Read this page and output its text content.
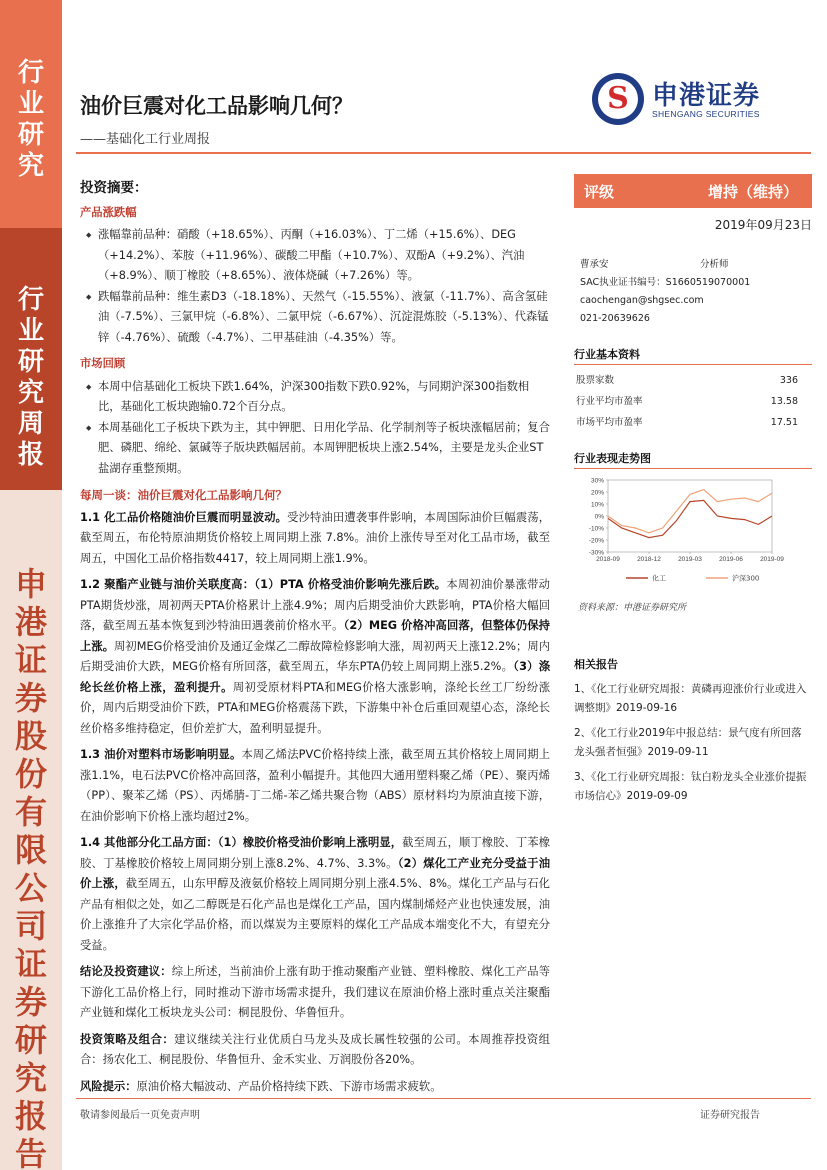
行
业
研
究
行
业
研
究
周
报
申
港
证
券
股
份
有
限
公
司
证
券
研
究
报
告
油价巨震对化工品影响几何？
——基础化工行业周报
S 申港证券
SHENGANG SECURITIES
投资摘要：
产品涨跌幅
◆ 涨幅靠前品种：硝酸（+18.65%）、丙酮（+16.03%）、丁二烯（+15.6%）、DEG（+14.2%）、苯胺（+11.96%）、碳酸二甲酯（+10.7%）、双酚A（+9.2%）、汽油（+8.9%）、顺丁橡胶（+8.65%）、液体烧碱（+7.26%）等。
◆ 跌幅靠前品种：维生素D3（-18.18%）、天然气（-15.55%）、液氯（-11.7%）、高含氢硅油（-7.5%）、三氯甲烷（-6.8%）、二氯甲烷（-6.67%）、沉淀混炼胶（-5.13%）、代森锰锌（-4.76%）、硫酸（-4.7%）、二甲基硅油（-4.35%）等。
市场回顾
◆ 本周中信基础化工板块下跌1.64%，沪深300指数下跌0.92%，与同期沪深300指数相比，基础化工板块跑输0.72个百分点。
◆ 本周基础化工子板块下跌为主，其中钾肥、日用化学品、化学制剂等子板块涨幅居前；复合肥、磷肥、绵纶、氯碱等子版块跌幅居前。本周钾肥板块上涨2.54%，主要是龙头企业ST盐湖存重整预期。
每周一谈：油价巨震对化工品影响几何？
1.1 化工品价格随油价巨震而明显波动。受沙特油田遭袭事件影响，本周国际油价巨幅震荡，截至周五，布伦特原油期货价格较上周同期上涨 7.8%。油价上涨传导至对化工品市场，截至周五，中国化工品价格指数4417，较上周同期上涨1.9%。
1.2 聚酯产业链与油价关联度高：（1）PTA 价格受油价影响先涨后跌。本周初油价暴涨带动PTA期货炒涨，周初两天PTA价格累计上涨4.9%；周内后期受油价大跌影响，PTA价格大幅回落，截至周五基本恢复到沙特油田遇袭前价格水平。（2）MEG 价格冲高回落，但整体仍保持上涨。周初MEG价格受油价及通辽金煤乙二醇故障检修影响大涨，周初两天上涨12.2%；周内后期受油价大跌，MEG价格有所回落，截至周五，华东PTA仍较上周同期上涨5.2%。（3）涤纶长丝价格上涨，盈利提升。周初受原材料PTA和MEG价格大涨影响，涤纶长丝工厂纷纷涨价，周内后期受油价下跌，PTA和MEG价格震荡下跌，下游集中补仓后重回观望心态，涤纶长丝价格多维持稳定，但价差扩大，盈利明显提升。
1.3 油价对塑料市场影响明显。本周乙烯法PVC价格持续上涨，截至周五其价格较上周同期上涨1.1%，电石法PVC价格冲高回落，盈利小幅提升。其他四大通用塑料聚乙烯（PE）、聚丙烯（PP）、聚苯乙烯（PS）、丙烯腈-丁二烯-苯乙烯共聚合物（ABS）原材料均为原油直接下游，在油价影响下价格上涨均超过2%。
1.4 其他部分化工品方面：（1）橡胶价格受油价影响上涨明显，截至周五，顺丁橡胶、丁苯橡胶、丁基橡胶价格较上周同期分别上涨8.2%、4.7%、3.3%。（2）煤化工产业充分受益于油价上涨，截至周五，山东甲醇及液氨价格较上周同期分别上涨4.5%、8%。煤化工产品与石化产品有相似之处，如乙二醇既是石化产品也是煤化工产品，国内煤制烯烃产业也快速发展，油价上涨推升了大宗化学品价格，而以煤炭为主要原料的煤化工产品成本端变化不大，有望充分受益。
结论及投资建议：综上所述，当前油价上涨有助于推动聚酯产业链、塑料橡胶、煤化工产品等下游化工品价格上行，同时推动下游市场需求提升，我们建议在原油价格上涨时重点关注聚酯产业链和煤化工板块龙头公司：桐昆股份、华鲁恒升。
投资策略及组合：建议继续关注行业优质白马龙头及成长属性较强的公司。本周推荐投资组合：扬农化工、桐昆股份、华鲁恒升、金禾实业、万润股份各20%。
风险提示：原油价格大幅波动、产品价格持续下跌、下游市场需求疲软。
评级	增持（维持）
2019年09月23日
曹承安	分析师
SAC执业证书编号：S1660519070001
caochengan@shgsec.com
021-20639626
行业基本资料
股票家数	336
行业平均市盈率	13.58
市场平均市盈率	17.51
行业表现走势图
30%
20%
10%
0%
-10%
-20%
-30%
2018-09	2018-12	2019-03	2019-06	2019-09
化工	沪深300
资料来源：申港证券研究所
相关报告
1、《化工行业研究周报：黄磷再迎涨价行业或进入调整期》2019-09-16
2、《化工行业2019年中报总结：景气度有所回落 龙头强者恒强》2019-09-11
3、《化工行业研究周报：钛白粉龙头全业涨价提振市场信心》2019-09-09
敬请参阅最后一页免责声明	证券研究报告
